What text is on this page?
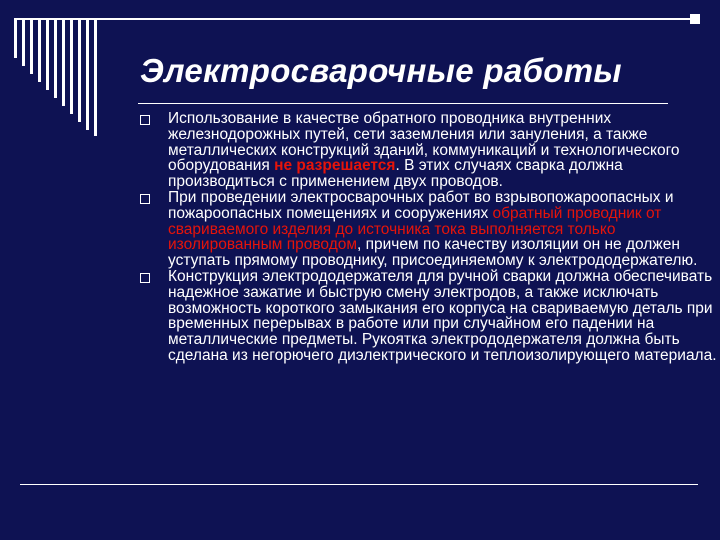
Электросварочные работы
Использование в качестве обратного проводника внутренних железнодорожных путей, сети заземления или зануления, а также металлических конструкций зданий, коммуникаций и технологического оборудования не разрешается. В этих случаях сварка должна производиться с применением двух проводов.
При проведении электросварочных работ во взрывопожароопасных и пожароопасных помещениях и сооружениях обратный проводник от свариваемого изделия до источника тока выполняется только изолированным проводом, причем по качеству изоляции он не должен уступать прямому проводнику, присоединяемому к электрододержателю.
Конструкция электрододержателя для ручной сварки должна обеспечивать надежное зажатие и быструю смену электродов, а также исключать возможность короткого замыкания его корпуса на свариваемую деталь при временных перерывах в работе или при случайном его падении на металлические предметы. Рукоятка электрододержателя должна быть сделана из негорючего диэлектрического и теплоизолирующего материала.
